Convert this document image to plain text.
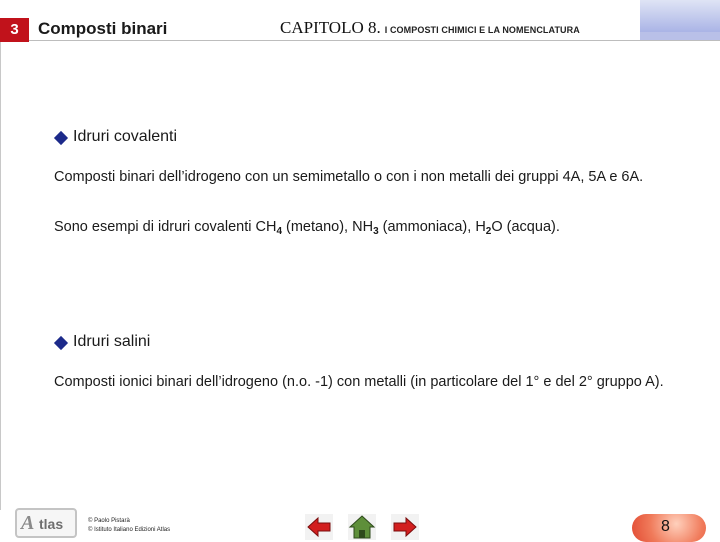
3	Composti binari	CAPITOLO 8. I COMPOSTI CHIMICI E LA NOMENCLATURA
Idruri covalenti
Composti binari dell’idrogeno con un semimetallo o con i non metalli dei gruppi 4A, 5A e 6A.
Sono esempi di idruri covalenti $CH_4$ (metano), $NH_3$ (ammoniaca), $H_2O$ (acqua).
Idruri salini
Composti ionici binari dell’idrogeno (n.o. -1) con metalli (in particolare del 1° e del 2° gruppo A).
A tlas	© Paolo Pistarà
© Istituto Italiano Edizioni Atlas	8
